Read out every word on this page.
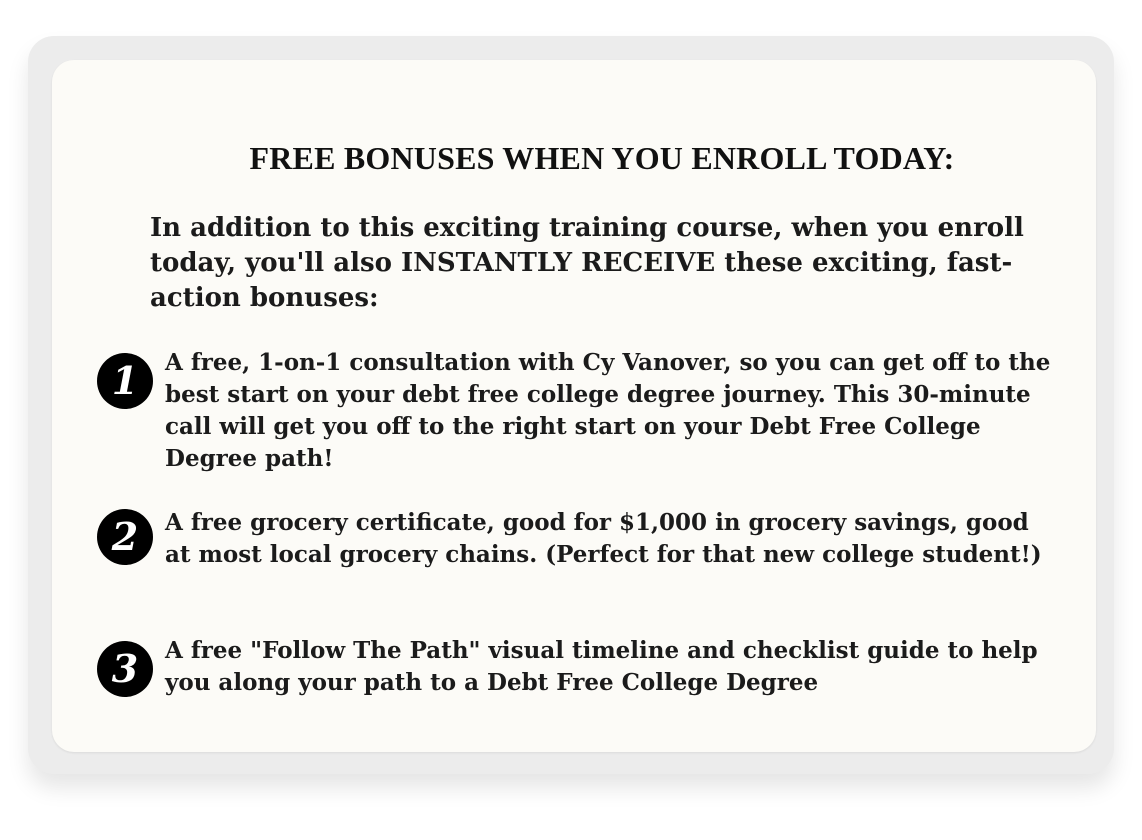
FREE BONUSES WHEN YOU ENROLL TODAY:

In addition to this exciting training course, when you enroll today, you'll also INSTANTLY RECEIVE these exciting, fast-action bonuses:

1	A free, 1-on-1 consultation with Cy Vanover, so you can get off to the best start on your debt free college degree journey. This 30-minute call will get you off to the right start on your Debt Free College Degree path!

2	A free grocery certificate, good for $1,000 in grocery savings, good at most local grocery chains. (Perfect for that new college student!)

3	A free "Follow The Path" visual timeline and checklist guide to help you along your path to a Debt Free College Degree
